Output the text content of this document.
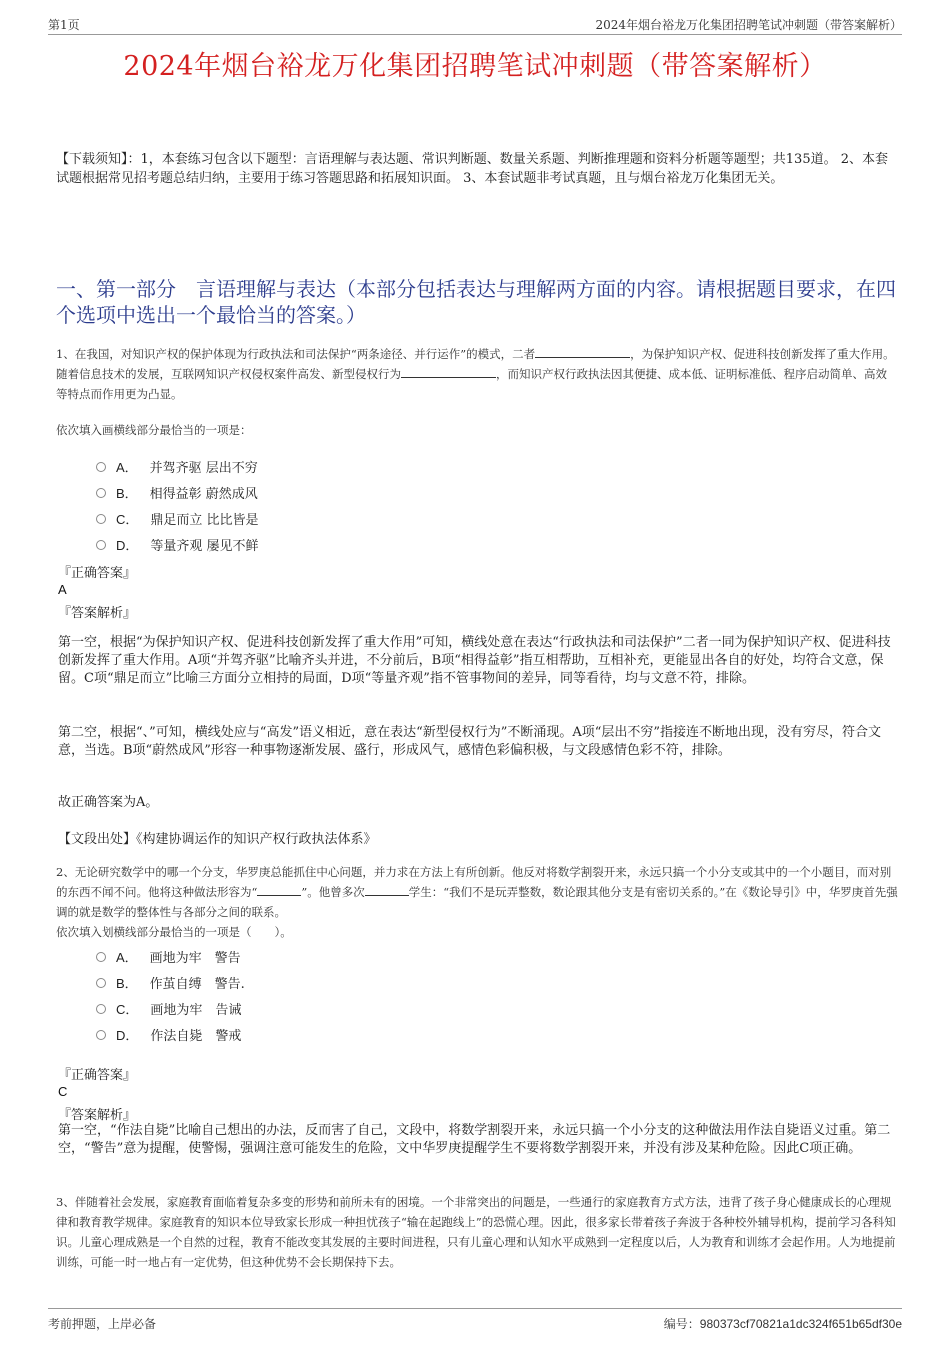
第1页	2024年烟台裕龙万化集团招聘笔试冲刺题（带答案解析）
2024年烟台裕龙万化集团招聘笔试冲刺题（带答案解析）
【下载须知】：1，本套练习包含以下题型：言语理解与表达题、常识判断题、数量关系题、判断推理题和资料分析题等题型；共135道。 2、本套试题根据常见招考题总结归纳，主要用于练习答题思路和拓展知识面。 3、本套试题非考试真题，且与烟台裕龙万化集团无关。
一、第一部分　言语理解与表达（本部分包括表达与理解两方面的内容。请根据题目要求，在四个选项中选出一个最恰当的答案。）
1、在我国，对知识产权的保护体现为行政执法和司法保护“两条途径、并行运作”的模式，二者	，为保护知识产权、促进科技创新发挥了重大作用。随着信息技术的发展，互联网知识产权侵权案件高发、新型侵权行为	，而知识产权行政执法因其便捷、成本低、证明标准低、程序启动简单、高效等特点而作用更为凸显。
依次填入画横线部分最恰当的一项是：
A． 并驾齐驱 层出不穷
B． 相得益彰 蔚然成风
C． 鼎足而立 比比皆是
D． 等量齐观 屡见不鲜
『正确答案』
A
『答案解析』
第一空，根据“为保护知识产权、促进科技创新发挥了重大作用”可知，横线处意在表达“行政执法和司法保护”二者一同为保护知识产权、促进科技创新发挥了重大作用。A项“并驾齐驱”比喻齐头并进，不分前后，B项“相得益彰”指互相帮助，互相补充，更能显出各自的好处，均符合文意，保留。C项“鼎足而立”比喻三方面分立相持的局面，D项“等量齐观”指不管事物间的差异，同等看待，均与文意不符，排除。
第二空，根据“、”可知，横线处应与“高发”语义相近，意在表达“新型侵权行为”不断涌现。A项“层出不穷”指接连不断地出现，没有穷尽，符合文意，当选。B项“蔚然成风”形容一种事物逐渐发展、盛行，形成风气，感情色彩偏积极，与文段感情色彩不符，排除。
故正确答案为A。
【文段出处】《构建协调运作的知识产权行政执法体系》
2、无论研究数学中的哪一个分支，华罗庚总能抓住中心问题，并力求在方法上有所创新。他反对将数学割裂开来，永远只搞一个小分支或其中的一个小题目，而对别的东西不闻不问。他将这种做法形容为“	”。他曾多次	学生：“我们不是玩弄整数，数论跟其他分支是有密切关系的。”在《数论导引》中，华罗庚首先强调的就是数学的整体性与各部分之间的联系。
依次填入划横线部分最恰当的一项是（　　）。
A． 画地为牢　警告
B． 作茧自缚　警告.
C． 画地为牢　告诫
D． 作法自毙　警戒
『正确答案』
C
『答案解析』
第一空，“作法自毙”比喻自己想出的办法，反而害了自己，文段中，将数学割裂开来，永远只搞一个小分支的这种做法用作法自毙语义过重。第二空，“警告”意为提醒，使警惕，强调注意可能发生的危险，文中华罗庚提醒学生不要将数学割裂开来，并没有涉及某种危险。因此C项正确。
3、伴随着社会发展，家庭教育面临着复杂多变的形势和前所未有的困境。一个非常突出的问题是，一些通行的家庭教育方式方法，违背了孩子身心健康成长的心理规律和教育教学规律。家庭教育的知识本位导致家长形成一种担忧孩子“输在起跑线上”的恐慌心理。因此，很多家长带着孩子奔波于各种校外辅导机构，提前学习各科知识。儿童心理成熟是一个自然的过程，教育不能改变其发展的主要时间进程，只有儿童心理和认知水平成熟到一定程度以后，人为教育和训练才会起作用。人为地提前训练，可能一时一地占有一定优势，但这种优势不会长期保持下去。
考前押题，上岸必备	编号：980373cf70821a1dc324f651b65df30e
